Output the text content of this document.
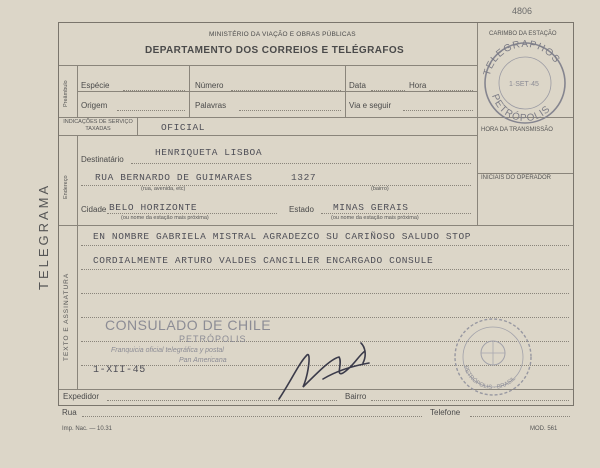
4806
TELEGRAMA
MINISTÉRIO DA VIAÇÃO E OBRAS PÚBLICAS
DEPARTAMENTO DOS CORREIOS E TELÉGRAFOS
Preâmbulo Espécie	Número	Data	Hora
Origem	Palavras	Via e seguir
CARIMBO DA ESTAÇÃO
TELEGRAPHOS
PETRÓPOLIS
1·SET·45
INDICAÇÕES DE SERVIÇO TAXADAS	OFICIAL	HORA DA TRANSMISSÃO
INICIAIS DO OPERADOR
Endereço
Destinatário
HENRIQUETA LISBOA
RUA BERNARDO DE GUIMARAES	1327
(rua, avenida, etc)	(bairro)
Cidade BELO HORIZONTE
(ou nome da estação mais próxima)
Estado MINAS GERAIS
(ou nome da estação mais próxima)
TEXTO E ASSINATURA
EN NOMBRE GABRIELA MISTRAL AGRADEZCO SU CARIÑOSO SALUDO STOP
CORDIALMENTE ARTURO VALDES CANCILLER ENCARGADO CONSULE
CONSULADO DE CHILE
PETRÓPOLIS
Franquicia oficial telegráfica y postal
Pan Americana
1-XII-45	PETRÓPOLIS · BRASIL
Expedidor	Bairro
Rua	Telefone
Imp. Nac. — 10.31	MOD. 561
